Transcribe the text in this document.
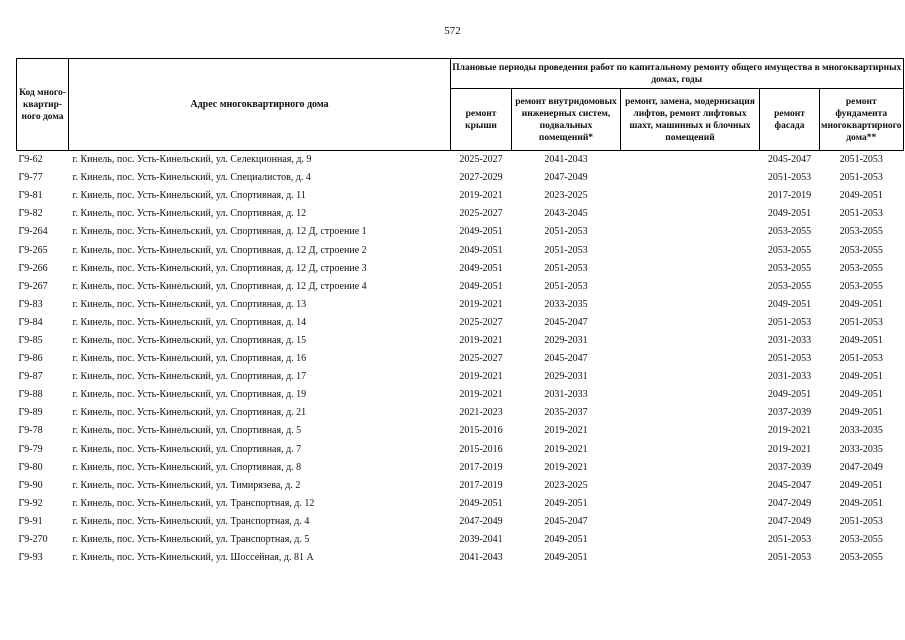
572
Код много-квартир-ного дома	Адрес многоквартирного дома	Плановые периоды проведения работ по капитальному ремонту общего имущества в многоквартирных домах, годы				
		ремонт крыши	ремонт внутридомовых инженерных систем, подвальных помещений*	ремонт, замена, модернизация лифтов, ремонт лифтовых шахт, машинных и блочных помещений	ремонт фасада	ремонт фундамента многоквартирного дома**
Г9-62	г. Кинель, пос. Усть-Кинельский, ул. Селекционная, д. 9	2025-2027	2041-2043		2045-2047	2051-2053
Г9-77	г. Кинель, пос. Усть-Кинельский, ул. Специалистов, д. 4	2027-2029	2047-2049		2051-2053	2051-2053
Г9-81	г. Кинель, пос. Усть-Кинельский, ул. Спортивная, д. 11	2019-2021	2023-2025		2017-2019	2049-2051
Г9-82	г. Кинель, пос. Усть-Кинельский, ул. Спортивная, д. 12	2025-2027	2043-2045		2049-2051	2051-2053
Г9-264	г. Кинель, пос. Усть-Кинельский, ул. Спортивная, д. 12 Д, строение 1	2049-2051	2051-2053		2053-2055	2053-2055
Г9-265	г. Кинель, пос. Усть-Кинельский, ул. Спортивная, д. 12 Д, строение 2	2049-2051	2051-2053		2053-2055	2053-2055
Г9-266	г. Кинель, пос. Усть-Кинельский, ул. Спортивная, д. 12 Д, строение 3	2049-2051	2051-2053		2053-2055	2053-2055
Г9-267	г. Кинель, пос. Усть-Кинельский, ул. Спортивная, д. 12 Д, строение 4	2049-2051	2051-2053		2053-2055	2053-2055
Г9-83	г. Кинель, пос. Усть-Кинельский, ул. Спортивная, д. 13	2019-2021	2033-2035		2049-2051	2049-2051
Г9-84	г. Кинель, пос. Усть-Кинельский, ул. Спортивная, д. 14	2025-2027	2045-2047		2051-2053	2051-2053
Г9-85	г. Кинель, пос. Усть-Кинельский, ул. Спортивная, д. 15	2019-2021	2029-2031		2031-2033	2049-2051
Г9-86	г. Кинель, пос. Усть-Кинельский, ул. Спортивная, д. 16	2025-2027	2045-2047		2051-2053	2051-2053
Г9-87	г. Кинель, пос. Усть-Кинельский, ул. Спортивная, д. 17	2019-2021	2029-2031		2031-2033	2049-2051
Г9-88	г. Кинель, пос. Усть-Кинельский, ул. Спортивная, д. 19	2019-2021	2031-2033		2049-2051	2049-2051
Г9-89	г. Кинель, пос. Усть-Кинельский, ул. Спортивная, д. 21	2021-2023	2035-2037		2037-2039	2049-2051
Г9-78	г. Кинель, пос. Усть-Кинельский, ул. Спортивная, д. 5	2015-2016	2019-2021		2019-2021	2033-2035
Г9-79	г. Кинель, пос. Усть-Кинельский, ул. Спортивная, д. 7	2015-2016	2019-2021		2019-2021	2033-2035
Г9-80	г. Кинель, пос. Усть-Кинельский, ул. Спортивная, д. 8	2017-2019	2019-2021		2037-2039	2047-2049
Г9-90	г. Кинель, пос. Усть-Кинельский, ул. Тимирязева, д. 2	2017-2019	2023-2025		2045-2047	2049-2051
Г9-92	г. Кинель, пос. Усть-Кинельский, ул. Транспортная, д. 12	2049-2051	2049-2051		2047-2049	2049-2051
Г9-91	г. Кинель, пос. Усть-Кинельский, ул. Транспортная, д. 4	2047-2049	2045-2047		2047-2049	2051-2053
Г9-270	г. Кинель, пос. Усть-Кинельский, ул. Транспортная, д. 5	2039-2041	2049-2051		2051-2053	2053-2055
Г9-93	г. Кинель, пос. Усть-Кинельский, ул. Шоссейная, д. 81 А	2041-2043	2049-2051		2051-2053	2053-2055
